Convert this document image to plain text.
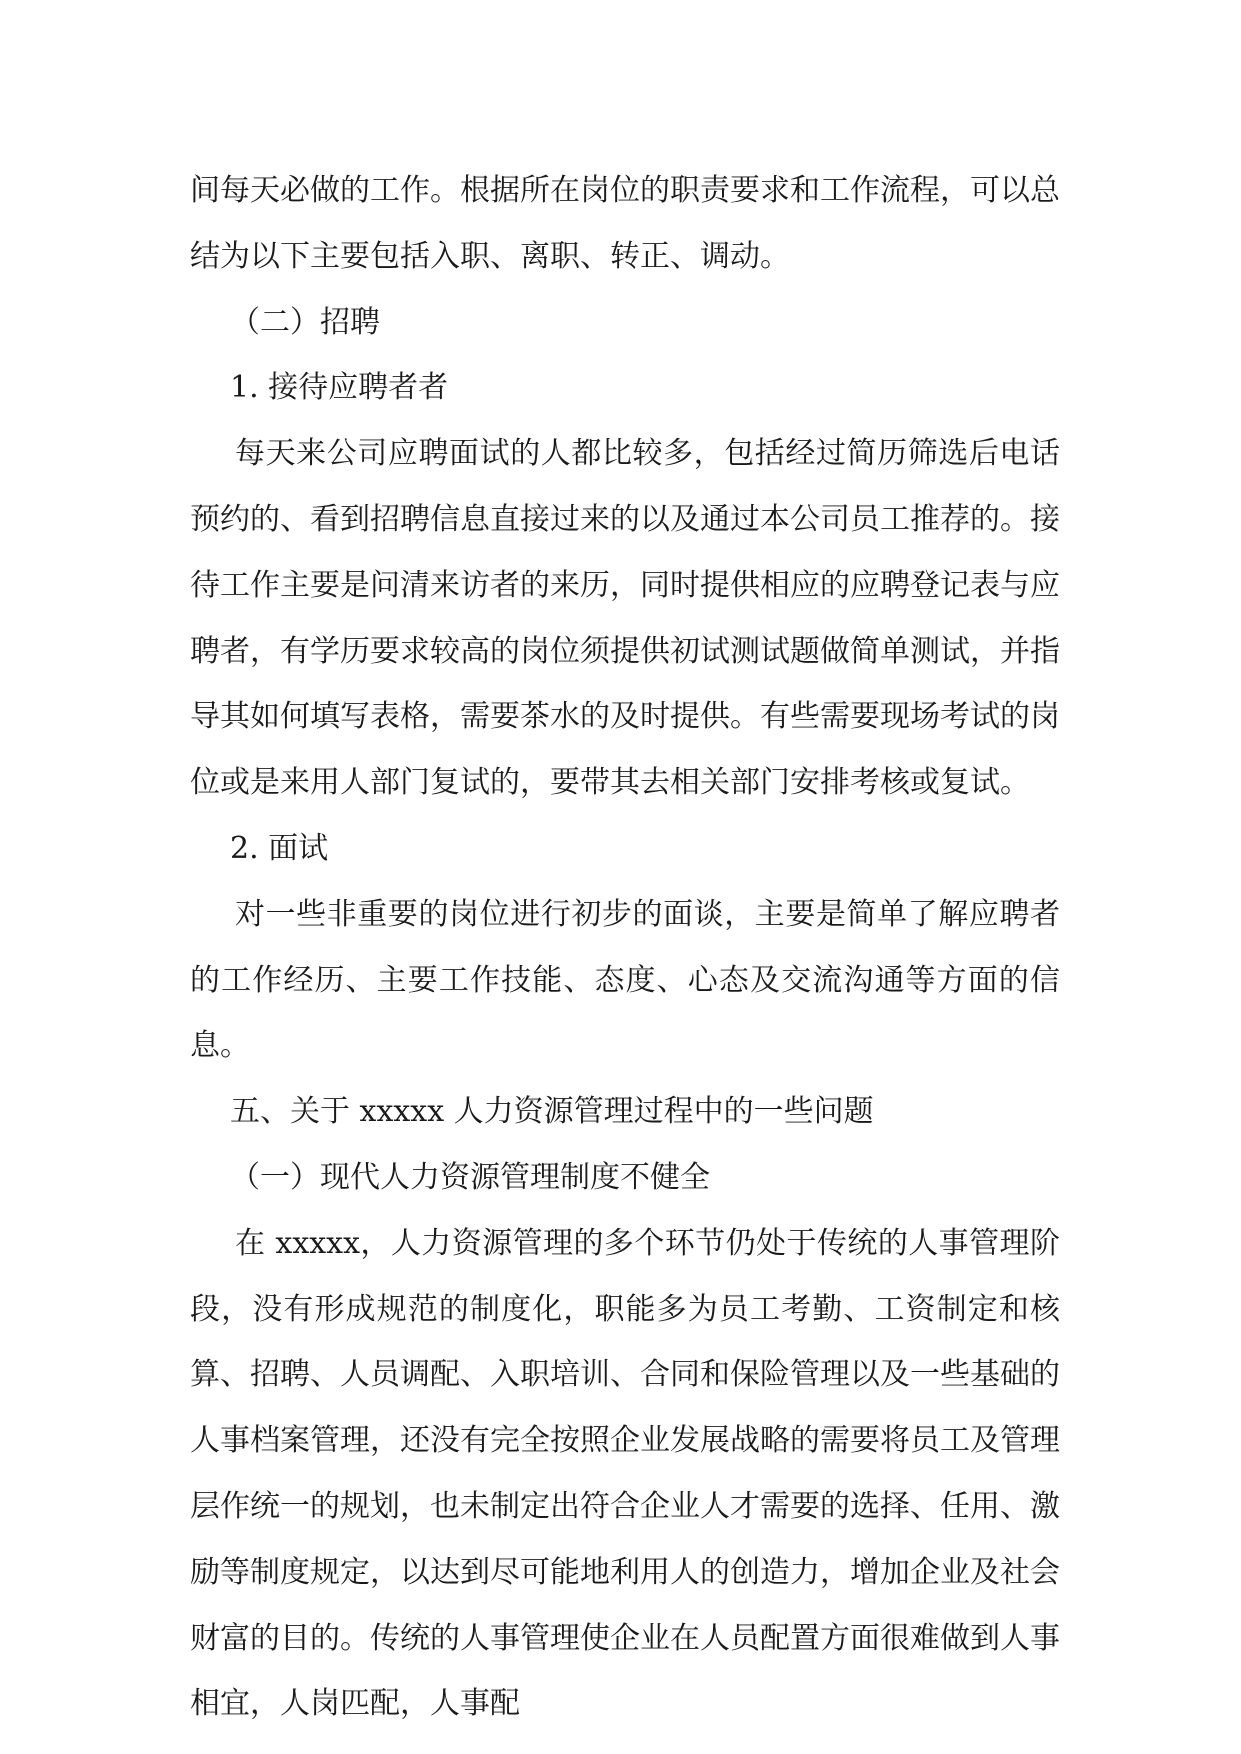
间每天必做的工作。根据所在岗位的职责要求和工作流程，可以总结为以下主要包括入职、离职、转正、调动。

（二）招聘

1. 接待应聘者者

每天来公司应聘面试的人都比较多，包括经过简历筛选后电话预约的、看到招聘信息直接过来的以及通过本公司员工推荐的。接待工作主要是问清来访者的来历，同时提供相应的应聘登记表与应聘者，有学历要求较高的岗位须提供初试测试题做简单测试，并指导其如何填写表格，需要茶水的及时提供。有些需要现场考试的岗位或是来用人部门复试的，要带其去相关部门安排考核或复试。

2. 面试

对一些非重要的岗位进行初步的面谈，主要是简单了解应聘者的工作经历、主要工作技能、态度、心态及交流沟通等方面的信息。

五、关于 xxxxx 人力资源管理过程中的一些问题

（一）现代人力资源管理制度不健全

在 xxxxx，人力资源管理的多个环节仍处于传统的人事管理阶段，没有形成规范的制度化，职能多为员工考勤、工资制定和核算、招聘、人员调配、入职培训、合同和保险管理以及一些基础的人事档案管理，还没有完全按照企业发展战略的需要将员工及管理层作统一的规划，也未制定出符合企业人才需要的选择、任用、激励等制度规定，以达到尽可能地利用人的创造力，增加企业及社会财富的目的。传统的人事管理使企业在人员配置方面很难做到人事相宜，人岗匹配，人事配
